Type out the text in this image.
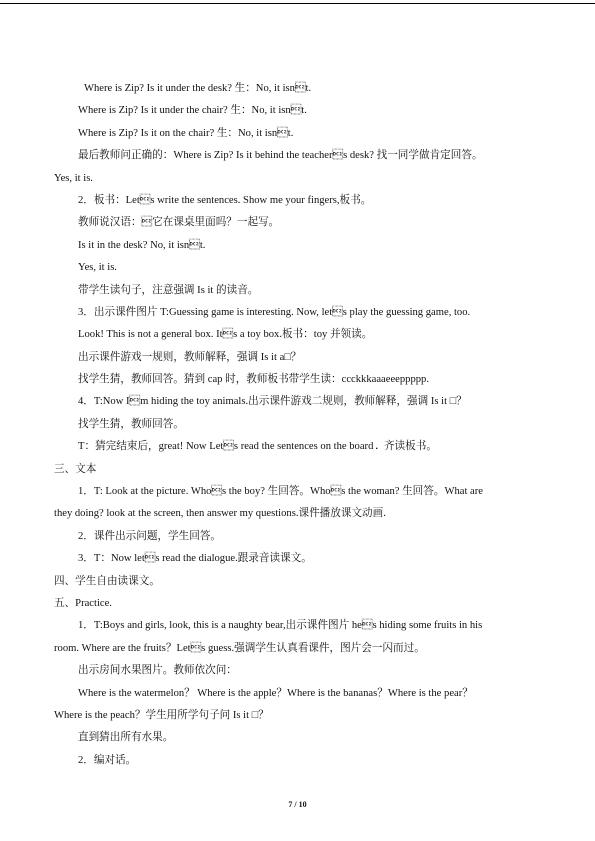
Where is Zip? Is it under the desk? 生：No, it isnt.
Where is Zip? Is it under the chair? 生：No, it isnt.
Where is Zip? Is it on the chair? 生：No, it isnt.
最后教师问正确的：Where is Zip? Is it behind the teachers desk? 找一同学做肯定回答。
Yes, it is.
2．板书：Lets write the sentences. Show me your fingers,板书。
教师说汉语：它在课桌里面吗？一起写。
Is it in the desk? No, it isnt.
Yes, it is.
带学生读句子，注意强调 Is it 的读音。
3．出示课件图片 T:Guessing game is interesting. Now, lets play the guessing game, too.
Look! This is not a general box. Its a toy box.板书：toy 并领读。
出示课件游戏一规则，教师解释，强调 Is it a□？
找学生猜，教师回答。猜到 cap 时，教师板书带学生读：ccckkkaaaeeeppppp.
4．T:Now Im hiding the toy animals.出示课件游戏二规则，教师解释，强调 Is it □？
找学生猜，教师回答。
T：猜完结束后，great! Now Lets read the sentences on the board．齐读板书。
三、文本
1．T: Look at the picture. Whos the boy? 生回答。Whos the woman? 生回答。What are
they doing? look at the screen, then answer my questions.课件播放课文动画.
2．课件出示问题，学生回答。
3．T：Now lets read the dialogue.跟录音读课文。
四、学生自由读课文。
五、Practice.
1．T:Boys and girls, look, this is a naughty bear,出示课件图片 hes hiding some fruits in his
room. Where are the fruits？Lets guess.强调学生认真看课件，图片会一闪而过。
出示房间水果图片。教师依次问：
Where is the watermelon？ Where is the apple？Where is the bananas？Where is the pear？
Where is the peach？学生用所学句子问 Is it □？
直到猜出所有水果。
2．编对话。
7 / 10
